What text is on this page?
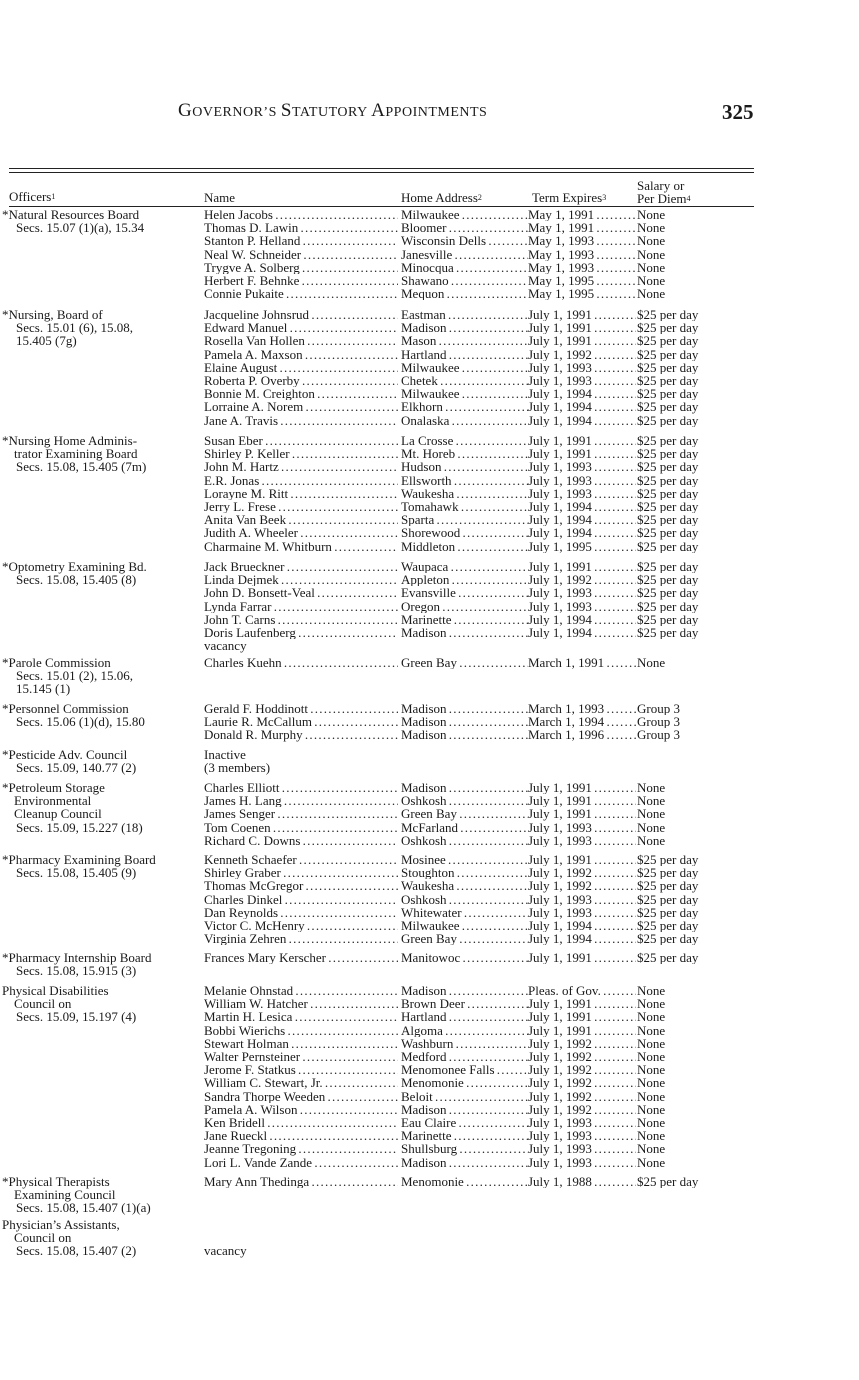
GOVERNOR’S STATUTORY APPOINTMENTS	325
Officers$^1$	Name	Home Address$^2$	Term Expires$^3$
Salary or
Per Diem$^4$
*Natural Resources Board
Secs. 15.07 (1)(a), 15.34
Helen Jacobs . . .	Milwaukee . . .	May 1, 1991 . . .	None
Thomas D. Lawin . . .	Bloomer . . .	May 1, 1991 . . .	None
Stanton P. Helland . . .	Wisconsin Dells . . .	May 1, 1993 . . .	None
Neal W. Schneider . . .	Janesville . . .	May 1, 1993 . . .	None
Trygve A. Solberg . . .	Minocqua . . .	May 1, 1993 . . .	None
Herbert F. Behnke . . .	Shawano . . .	May 1, 1995 . . .	None
Connie Pukaite . . .	Mequon . . .	May 1, 1995 . . .	None
*Nursing, Board of
Secs. 15.01 (6), 15.08,
15.405 (7g)
Jacqueline Johnsrud . . .	Eastman . . .	July 1, 1991 . . .	$25 per day
Edward Manuel . . .	Madison . . .	July 1, 1991 . . .	$25 per day
Rosella Van Hollen . . .	Mason . . .	July 1, 1991 . . .	$25 per day
Pamela A. Maxson . . .	Hartland . . .	July 1, 1992 . . .	$25 per day
Elaine August . . .	Milwaukee . . .	July 1, 1993 . . .	$25 per day
Roberta P. Overby . . .	Chetek . . .	July 1, 1993 . . .	$25 per day
Bonnie M. Creighton . . .	Milwaukee . . .	July 1, 1994 . . .	$25 per day
Lorraine A. Norem . . .	Elkhorn . . .	July 1, 1994 . . .	$25 per day
Jane A. Travis . . .	Onalaska . . .	July 1, 1994 . . .	$25 per day
*Nursing Home Adminis-
trator Examining Board
Secs. 15.08, 15.405 (7m)
Susan Eber . . .	La Crosse . . .	July 1, 1991 . . .	$25 per day
Shirley P. Keller . . .	Mt. Horeb . . .	July 1, 1991 . . .	$25 per day
John M. Hartz . . .	Hudson . . .	July 1, 1993 . . .	$25 per day
E.R. Jonas . . .	Ellsworth . . .	July 1, 1993 . . .	$25 per day
Lorayne M. Ritt . . .	Waukesha . . .	July 1, 1993 . . .	$25 per day
Jerry L. Frese . . .	Tomahawk . . .	July 1, 1994 . . .	$25 per day
Anita Van Beek . . .	Sparta . . .	July 1, 1994 . . .	$25 per day
Judith A. Wheeler . . .	Shorewood . . .	July 1, 1994 . . .	$25 per day
Charmaine M. Whitburn . . .	Middleton . . .	July 1, 1995 . . .	$25 per day
*Optometry Examining Bd.
Secs. 15.08, 15.405 (8)
Jack Brueckner . . .	Waupaca . . .	July 1, 1991 . . .	$25 per day
Linda Dejmek . . .	Appleton . . .	July 1, 1992 . . .	$25 per day
John D. Bonsett-Veal . . .	Evansville . . .	July 1, 1993 . . .	$25 per day
Lynda Farrar . . .	Oregon . . .	July 1, 1993 . . .	$25 per day
John T. Carns . . .	Marinette . . .	July 1, 1994 . . .	$25 per day
Doris Laufenberg . . .	Madison . . .	July 1, 1994 . . .	$25 per day
vacancy
*Parole Commission
Secs. 15.01 (2), 15.06,
15.145 (1)
Charles Kuehn . . .	Green Bay . . .	March 1, 1991 . . .	None
*Personnel Commission
Secs. 15.06 (1)(d), 15.80
Gerald F. Hoddinott . . .	Madison . . .	March 1, 1993 . . .	Group 3
Laurie R. McCallum . . .	Madison . . .	March 1, 1994 . . .	Group 3
Donald R. Murphy . . .	Madison . . .	March 1, 1996 . . .	Group 3
*Pesticide Adv. Council
Secs. 15.09, 140.77 (2)
Inactive
(3 members)
*Petroleum Storage
Environmental
Cleanup Council
Secs. 15.09, 15.227 (18)
Charles Elliott . . .	Madison . . .	July 1, 1991 . . .	None
James H. Lang . . .	Oshkosh . . .	July 1, 1991 . . .	None
James Senger . . .	Green Bay . . .	July 1, 1991 . . .	None
Tom Coenen . . .	McFarland . . .	July 1, 1993 . . .	None
Richard C. Downs . . .	Oshkosh . . .	July 1, 1993 . . .	None
*Pharmacy Examining Board
Secs. 15.08, 15.405 (9)
Kenneth Schaefer . . .	Mosinee . . .	July 1, 1991 . . .	$25 per day
Shirley Graber . . .	Stoughton . . .	July 1, 1992 . . .	$25 per day
Thomas McGregor . . .	Waukesha . . .	July 1, 1992 . . .	$25 per day
Charles Dinkel . . .	Oshkosh . . .	July 1, 1993 . . .	$25 per day
Dan Reynolds . . .	Whitewater . . .	July 1, 1993 . . .	$25 per day
Victor C. McHenry . . .	Milwaukee . . .	July 1, 1994 . . .	$25 per day
Virginia Zehren . . .	Green Bay . . .	July 1, 1994 . . .	$25 per day
*Pharmacy Internship Board
Secs. 15.08, 15.915 (3)
Frances Mary Kerscher . . .	Manitowoc . . .	July 1, 1991 . . .	$25 per day
Physical Disabilities
Council on
Secs. 15.09, 15.197 (4)
Melanie Ohnstad . . .	Madison . . .	Pleas. of Gov. . . .	None
William W. Hatcher . . .	Brown Deer . . .	July 1, 1991 . . .	None
Martin H. Lesica . . .	Hartland . . .	July 1, 1991 . . .	None
Bobbi Wierichs . . .	Algoma . . .	July 1, 1991 . . .	None
Stewart Holman . . .	Washburn . . .	July 1, 1992 . . .	None
Walter Pernsteiner . . .	Medford . . .	July 1, 1992 . . .	None
Jerome F. Statkus . . .	Menomonee Falls . . .	July 1, 1992 . . .	None
William C. Stewart, Jr. . . .	Menomonie . . .	July 1, 1992 . . .	None
Sandra Thorpe Weeden . . .	Beloit . . .	July 1, 1992 . . .	None
Pamela A. Wilson . . .	Madison . . .	July 1, 1992 . . .	None
Ken Bridell . . .	Eau Claire . . .	July 1, 1993 . . .	None
Jane Rueckl . . .	Marinette . . .	July 1, 1993 . . .	None
Jeanne Tregoning . . .	Shullsburg . . .	July 1, 1993 . . .	None
Lori L. Vande Zande . . .	Madison . . .	July 1, 1993 . . .	None
*Physical Therapists
Examining Council
Secs. 15.08, 15.407 (1)(a)
Mary Ann Thedinga . . .	Menomonie . . .	July 1, 1988 . . .	$25 per day
Physician’s Assistants,
Council on
Secs. 15.08, 15.407 (2)	vacancy
